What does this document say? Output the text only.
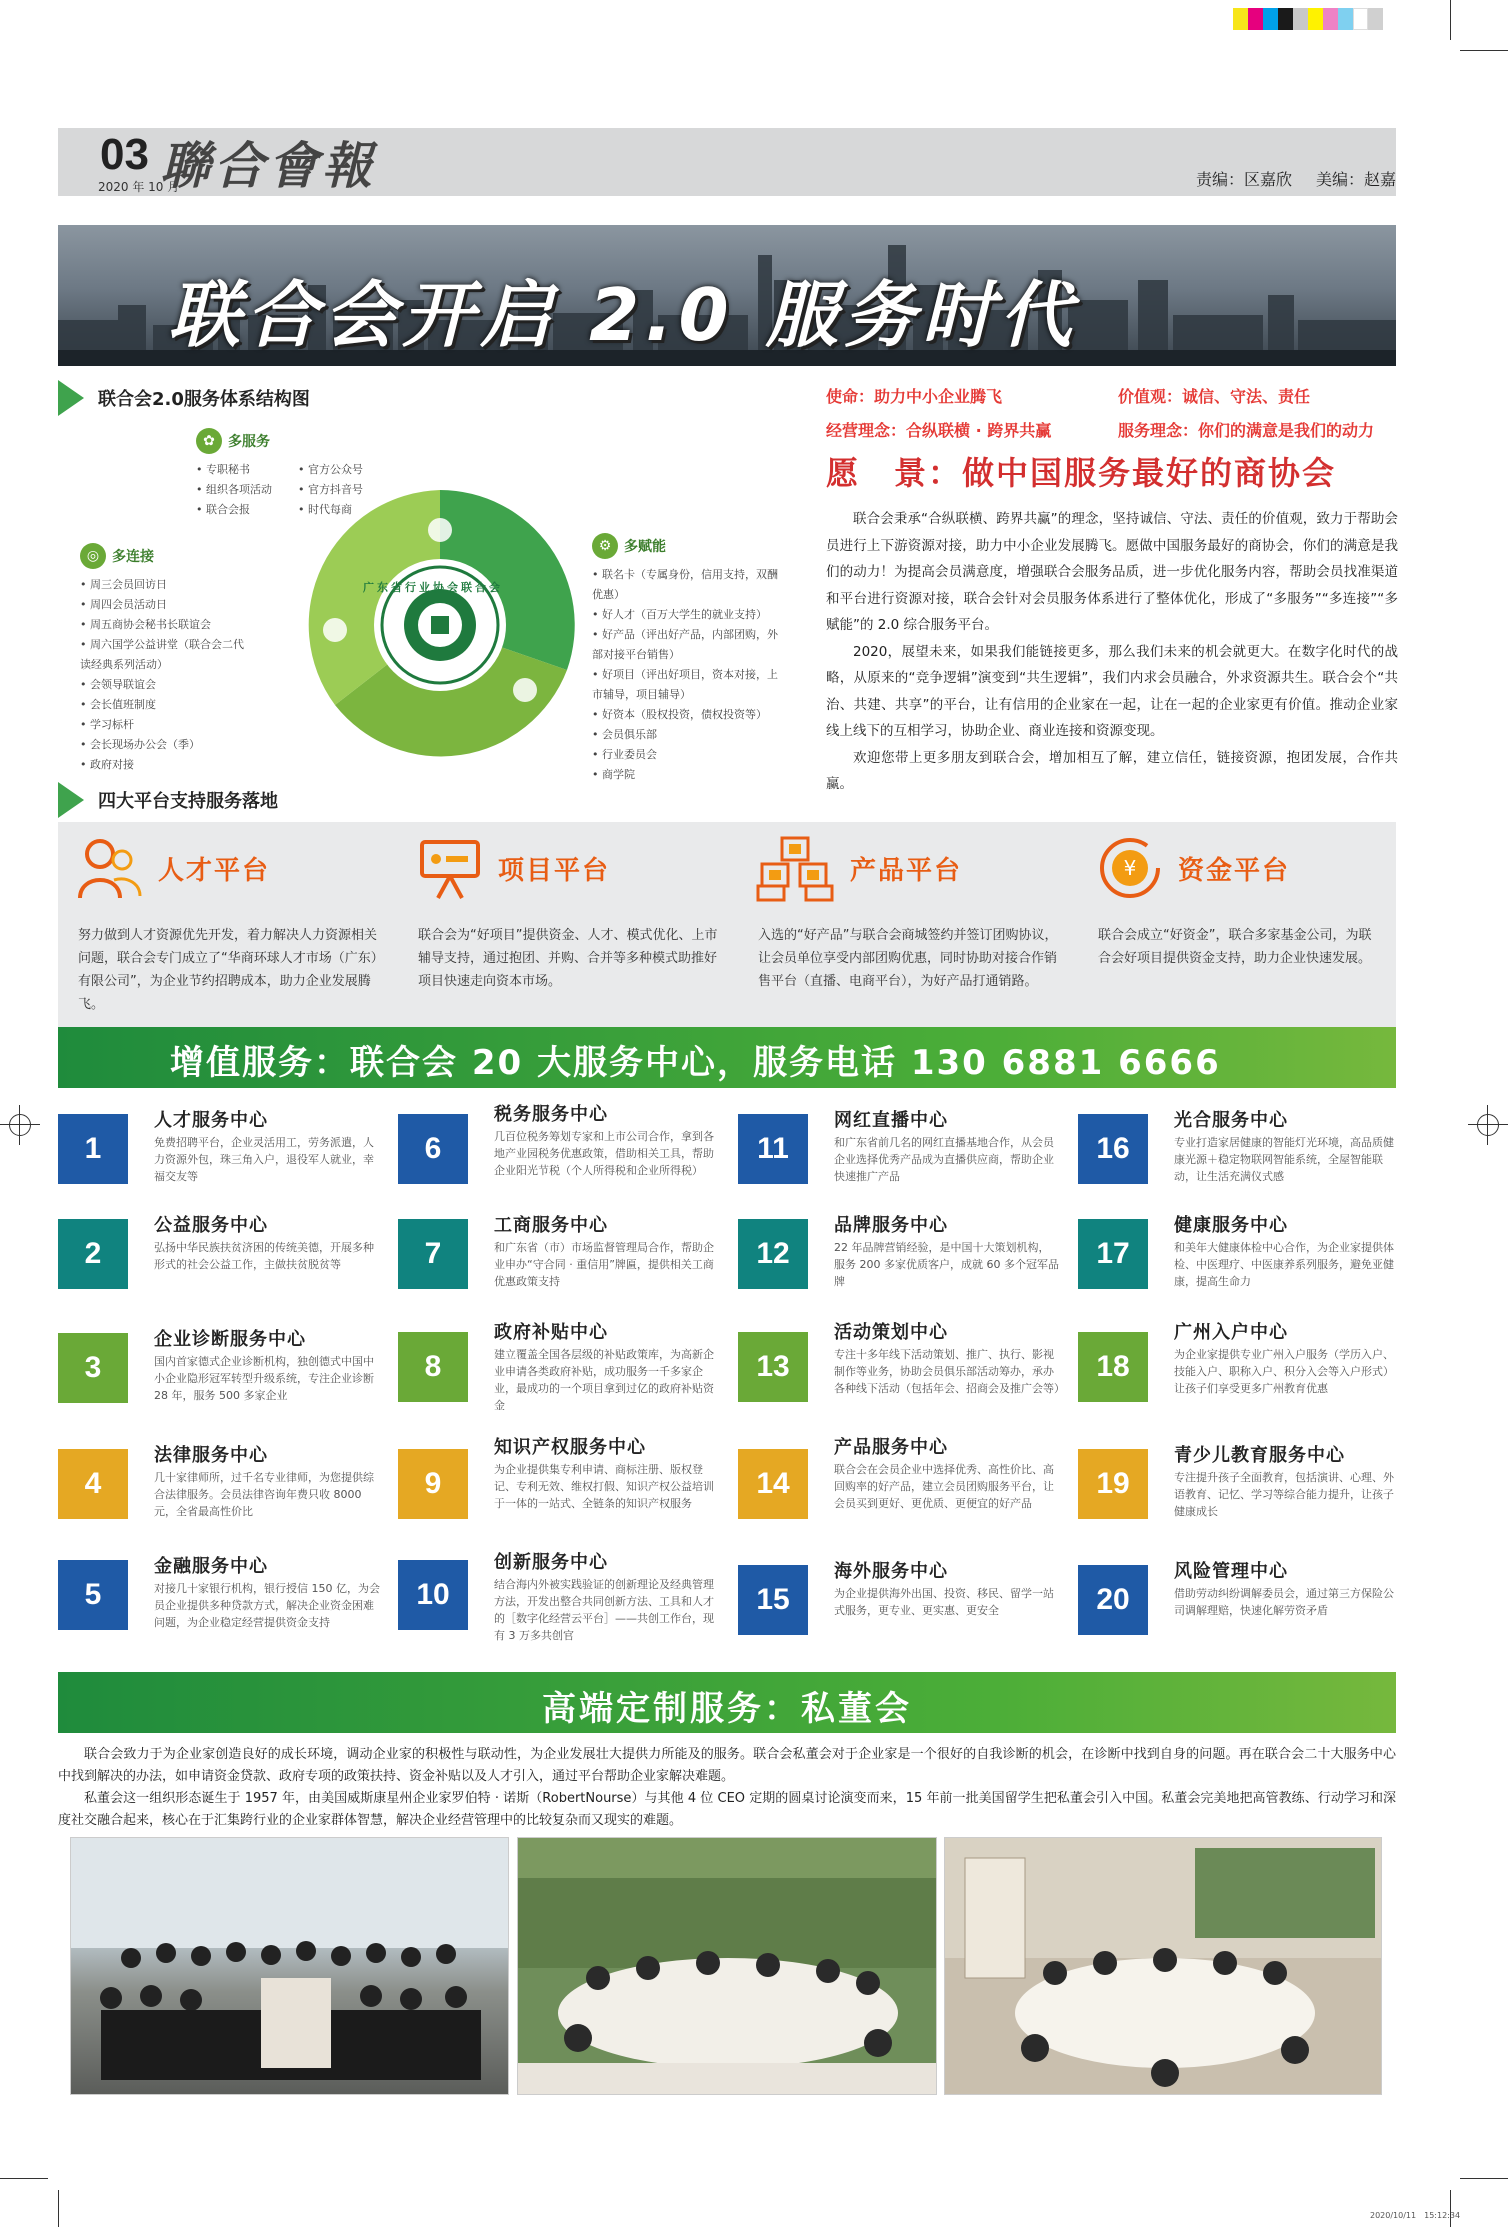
03
2020 年 10 月
聯合會報	责编：区嘉欣 美编：赵嘉
联合会开启 2.0 服务时代
联合会2.0服务体系结构图
广东省行业协会联合会
✿ 多服务
• 专职秘书
• 组织各项活动
• 联合会报
• 官方公众号
• 官方抖音号
• 时代每商
◎ 多连接
• 周三会员回访日
• 周四会员活动日
• 周五商协会秘书长联谊会
• 周六国学公益讲堂（联合会二代读经典系列活动）
• 会领导联谊会
• 会长值班制度
• 学习标杆
• 会长现场办公会（季）
• 政府对接
⚙ 多赋能
• 联名卡（专属身份，信用支持，双酬优惠）
• 好人才（百万大学生的就业支持）
• 好产品（评出好产品，内部团购，外部对接平台销售）
• 好项目（评出好项目，资本对接，上市辅导，项目辅导）
• 好资本（股权投资，债权投资等）
• 会员俱乐部
• 行业委员会
• 商学院
使命：助力中小企业腾飞	价值观：诚信、守法、责任
经营理念：合纵联横 · 跨界共赢	服务理念：你们的满意是我们的动力
愿　景：做中国服务最好的商协会

联合会秉承“合纵联横、跨界共赢”的理念，坚持诚信、守法、责任的价值观，致力于帮助会员进行上下游资源对接，助力中小企业发展腾飞。愿做中国服务最好的商协会，你们的满意是我们的动力！为提高会员满意度，增强联合会服务品质，进一步优化服务内容，帮助会员找准渠道和平台进行资源对接，联合会针对会员服务体系进行了整体优化，形成了“多服务”“多连接”“多赋能”的 2.0 综合服务平台。

2020，展望未来，如果我们能链接更多，那么我们未来的机会就更大。在数字化时代的战略，从原来的“竞争逻辑”演变到“共生逻辑”，我们内求会员融合，外求资源共生。联合会个“共治、共建、共享”的平台，让有信用的企业家在一起，让在一起的企业家更有价值。推动企业家线上线下的互相学习，协助企业、商业连接和资源变现。

欢迎您带上更多朋友到联合会，增加相互了解，建立信任，链接资源，抱团发展，合作共赢。

四大平台支持服务落地
人才平台

努力做到人才资源优先开发，着力解决人力资源相关问题，联合会专门成立了“华商环球人才市场（广东）有限公司”，为企业节约招聘成本，助力企业发展腾飞。

项目平台

联合会为“好项目”提供资金、人才、模式优化、上市辅导支持，通过抱团、并购、合并等多种模式助推好项目快速走向资本市场。

产品平台

入选的“好产品”与联合会商城签约并签订团购协议，让会员单位享受内部团购优惠，同时协助对接合作销售平台（直播、电商平台），为好产品打通销路。

¥ 资金平台

联合会成立“好资金”，联合多家基金公司，为联合会好项目提供资金支持，助力企业快速发展。

增值服务：联合会 20 大服务中心，服务电话 130 6881 6666
1
人才服务中心
免费招聘平台，企业灵活用工，劳务派遣，人力资源外包，珠三角入户，退役军人就业，幸福交友等
2
公益服务中心
弘扬中华民族扶贫济困的传统美德，开展多种形式的社会公益工作，主做扶贫脱贫等
3
企业诊断服务中心
国内首家德式企业诊断机构，独创德式中国中小企业隐形冠军转型升级系统，专注企业诊断 28 年，服务 500 多家企业
4
法律服务中心
几十家律师所，过千名专业律师，为您提供综合法律服务。会员法律咨询年费只收 8000 元，全省最高性价比
5
金融服务中心
对接几十家银行机构，银行授信 150 亿，为会员企业提供多种贷款方式，解决企业资金困难问题，为企业稳定经营提供资金支持
6
税务服务中心
几百位税务筹划专家和上市公司合作，拿到各地产业园税务优惠政策，借助相关工具，帮助企业阳光节税（个人所得税和企业所得税）
7
工商服务中心
和广东省（市）市场监督管理局合作，帮助企业申办“守合同 · 重信用”牌匾，提供相关工商优惠政策支持
8
政府补贴中心
建立覆盖全国各层级的补贴政策库，为高新企业申请各类政府补贴，成功服务一千多家企业，最成功的一个项目拿到过亿的政府补贴资金
9
知识产权服务中心
为企业提供集专利申请、商标注册、版权登记、专利无效、维权打假、知识产权公益培训于一体的一站式、全链条的知识产权服务
10
创新服务中心
结合海内外被实践验证的创新理论及经典管理方法，开发出整合共同创新方法、工具和人才的［数字化经营云平台］——共创工作台，现有 3 万多共创官
11
网红直播中心
和广东省前几名的网红直播基地合作，从会员企业选择优秀产品成为直播供应商，帮助企业快速推广产品
12
品牌服务中心
22 年品牌营销经验，是中国十大策划机构，服务 200 多家优质客户，成就 60 多个冠军品牌
13
活动策划中心
专注十多年线下活动策划、推广、执行、影视制作等业务，协助会员俱乐部活动筹办，承办各种线下活动（包括年会、招商会及推广会等）
14
产品服务中心
联合会在会员企业中选择优秀、高性价比、高回购率的好产品，建立会员团购服务平台，让会员买到更好、更优质、更便宜的好产品
15
海外服务中心
为企业提供海外出国、投资、移民、留学一站式服务，更专业、更实惠、更安全
16
光合服务中心
专业打造家居健康的智能灯光环境，高品质健康光源＋稳定物联网智能系统，全屋智能联动，让生活充满仪式感
17
健康服务中心
和美年大健康体检中心合作，为企业家提供体检、中医理疗、中医康养系列服务，避免亚健康，提高生命力
18
广州入户中心
为企业家提供专业广州入户服务（学历入户、技能入户、职称入户、积分入会等入户形式）让孩子们享受更多广州教育优惠
19
青少儿教育服务中心
专注提升孩子全面教育，包括演讲、心理、外语教育、记忆、学习等综合能力提升，让孩子健康成长
20
风险管理中心
借助劳动纠纷调解委员会，通过第三方保险公司调解理赔，快速化解劳资矛盾
高端定制服务：私董会

联合会致力于为企业家创造良好的成长环境，调动企业家的积极性与联动性，为企业发展壮大提供力所能及的服务。联合会私董会对于企业家是一个很好的自我诊断的机会，在诊断中找到自身的问题。再在联合会二十大服务中心中找到解决的办法，如申请资金贷款、政府专项的政策扶持、资金补贴以及人才引入，通过平台帮助企业家解决难题。

私董会这一组织形态诞生于 1957 年，由美国威斯康星州企业家罗伯特 · 诺斯（RobertNourse）与其他 4 位 CEO 定期的圆桌讨论演变而来，15 年前一批美国留学生把私董会引入中国。私董会完美地把高管教练、行动学习和深度社交融合起来，核心在于汇集跨行业的企业家群体智慧，解决企业经营管理中的比较复杂而又现实的难题。

2020/10/11　15:12:34
